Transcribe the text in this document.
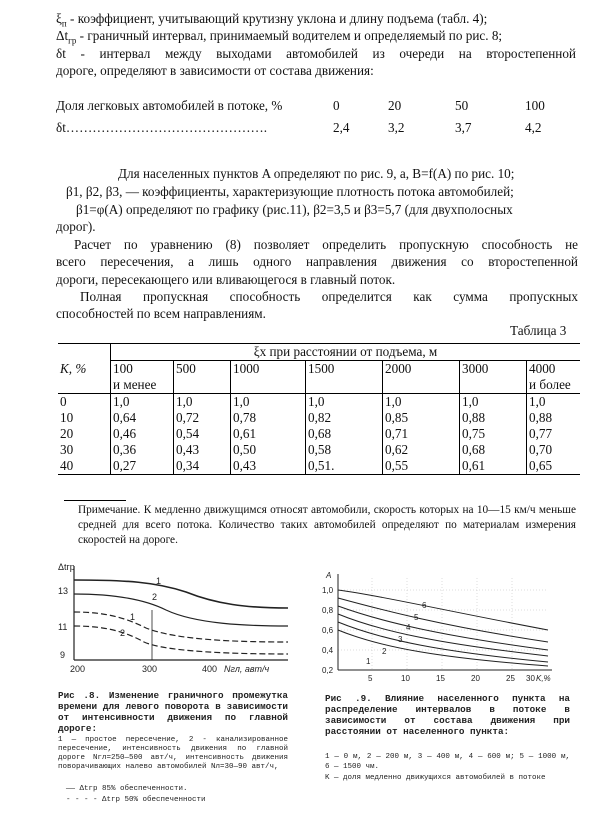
$\xi_п$ - коэффициент, учитывающий крутизну уклона и длину подъема (табл. 4);
$\Delta t_{гр}$ - граничный интервал, принимаемый водителем и определяемый по рис. 8;
δt - интервал между выходами автомобилей из очереди на второстепенной
дороге, определяют в зависимости от состава движения:
Доля легковых автомобилей в потоке, %	0	20	50	100
δt……………………………………….	2,4	3,2	3,7	4,2
Для населенных пунктов A определяют по рис. 9, a, B=f(A) по рис. 10;
β1, β2, β3, — коэффициенты, характеризующие плотность потока автомобилей;
β1=φ(A) определяют по графику (рис.11), β2=3,5 и β3=5,7 (для двухполосных
дорог).
Расчет по уравнению (8) позволяет определить пропускную способность не
всего пересечения, а лишь одного направления движения со второстепенной
дороги, пересекающего или вливающегося в главный поток.
Полная пропускная способность определится как сумма пропускных
способностей по всем направлениям.
Таблица 3
K, %	ξх при расстоянии от подъема, м						
	100
и менее	500	1000	1500	2000	3000	4000
и более
0	1,0	1,0	1,0	1,0	1,0	1,0	1,0
10	0,64	0,72	0,78	0,82	0,85	0,88	0,88
20	0,46	0,54	0,61	0,68	0,71	0,75	0,77
30	0,36	0,43	0,50	0,58	0,62	0,68	0,70
40	0,27	0,34	0,43	0,51.	0,55	0,61	0,65
Примечание. К медленно движущимся относят автомобили, скорость которых на 10—15 км/ч меньше средней для всего потока. Количество таких автомобилей определяют по материалам измерения скоростей на дороге.
Δtгр
13
11
9
200	300	400 Nгл, авт/ч
1
2
1
2
Рис .8. Изменение граничного промежутка времени для левого поворота в зависимости от интенсивности движения по главной дороге:
1 — простое пересечение, 2 - канализированное пересечение, интенсивность движения по главной дороге Nгл=250—500 авт/ч, интенсивность движения поворачивающих налево автомобилей Nл=30—90 авт/ч,
—— Δtгр 85% обеспеченности.
- - - - Δtгр 50% обеспеченности
A
1,0
0,8
0,6
0,4
0,2
5	10	15	20	25 30 K,%
6
5
4
3
2
1
Рис .9. Влияние населенного пункта на распределение интервалов в потоке в зависимости от состава движения при расстоянии от населенного пункта:
1 — 0 м, 2 — 200 м, 3 — 400 м, 4 — 600 м; 5 — 1000 м, 6 — 1500 чм.
K — доля медленно движущихся автомобилей в потоке
